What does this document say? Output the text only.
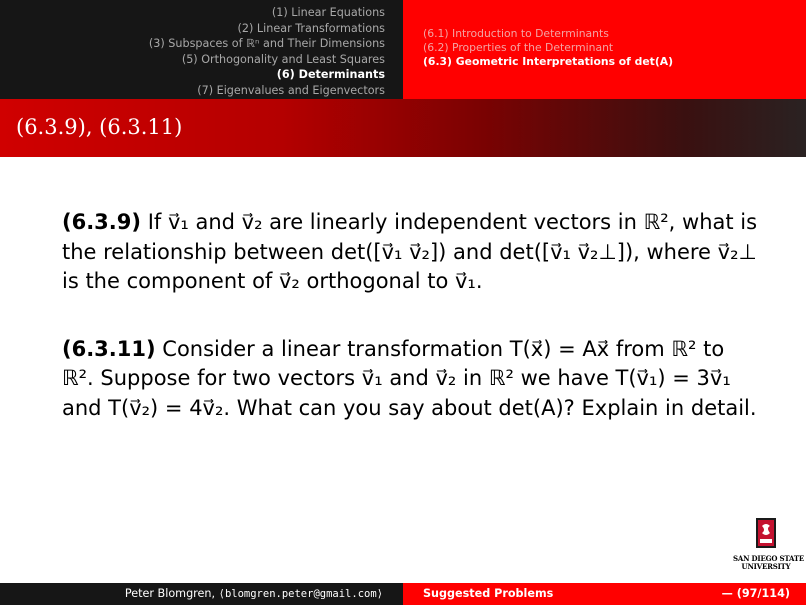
(1) Linear Equations
(2) Linear Transformations
(3) Subspaces of ℝⁿ and Their Dimensions
(5) Orthogonality and Least Squares
(6) Determinants
(7) Eigenvalues and Eigenvectors
(6.1) Introduction to Determinants
(6.2) Properties of the Determinant
(6.3) Geometric Interpretations of det(A)
(6.3.9), (6.3.11)
(6.3.9) If v⃗₁ and v⃗₂ are linearly independent vectors in ℝ², what is the relationship between det([v⃗₁ v⃗₂]) and det([v⃗₁ v⃗₂⊥]), where v⃗₂⊥ is the component of v⃗₂ orthogonal to v⃗₁.
(6.3.11) Consider a linear transformation T(x⃗) = Ax⃗ from ℝ² to ℝ². Suppose for two vectors v⃗₁ and v⃗₂ in ℝ² we have T(v⃗₁) = 3v⃗₁ and T(v⃗₂) = 4v⃗₂. What can you say about det(A)? Explain in detail.
SAN DIEGO STATE
UNIVERSITY
Peter Blomgren, ⟨blomgren.peter@gmail.com⟩	Suggested Problems	— (97/114)
